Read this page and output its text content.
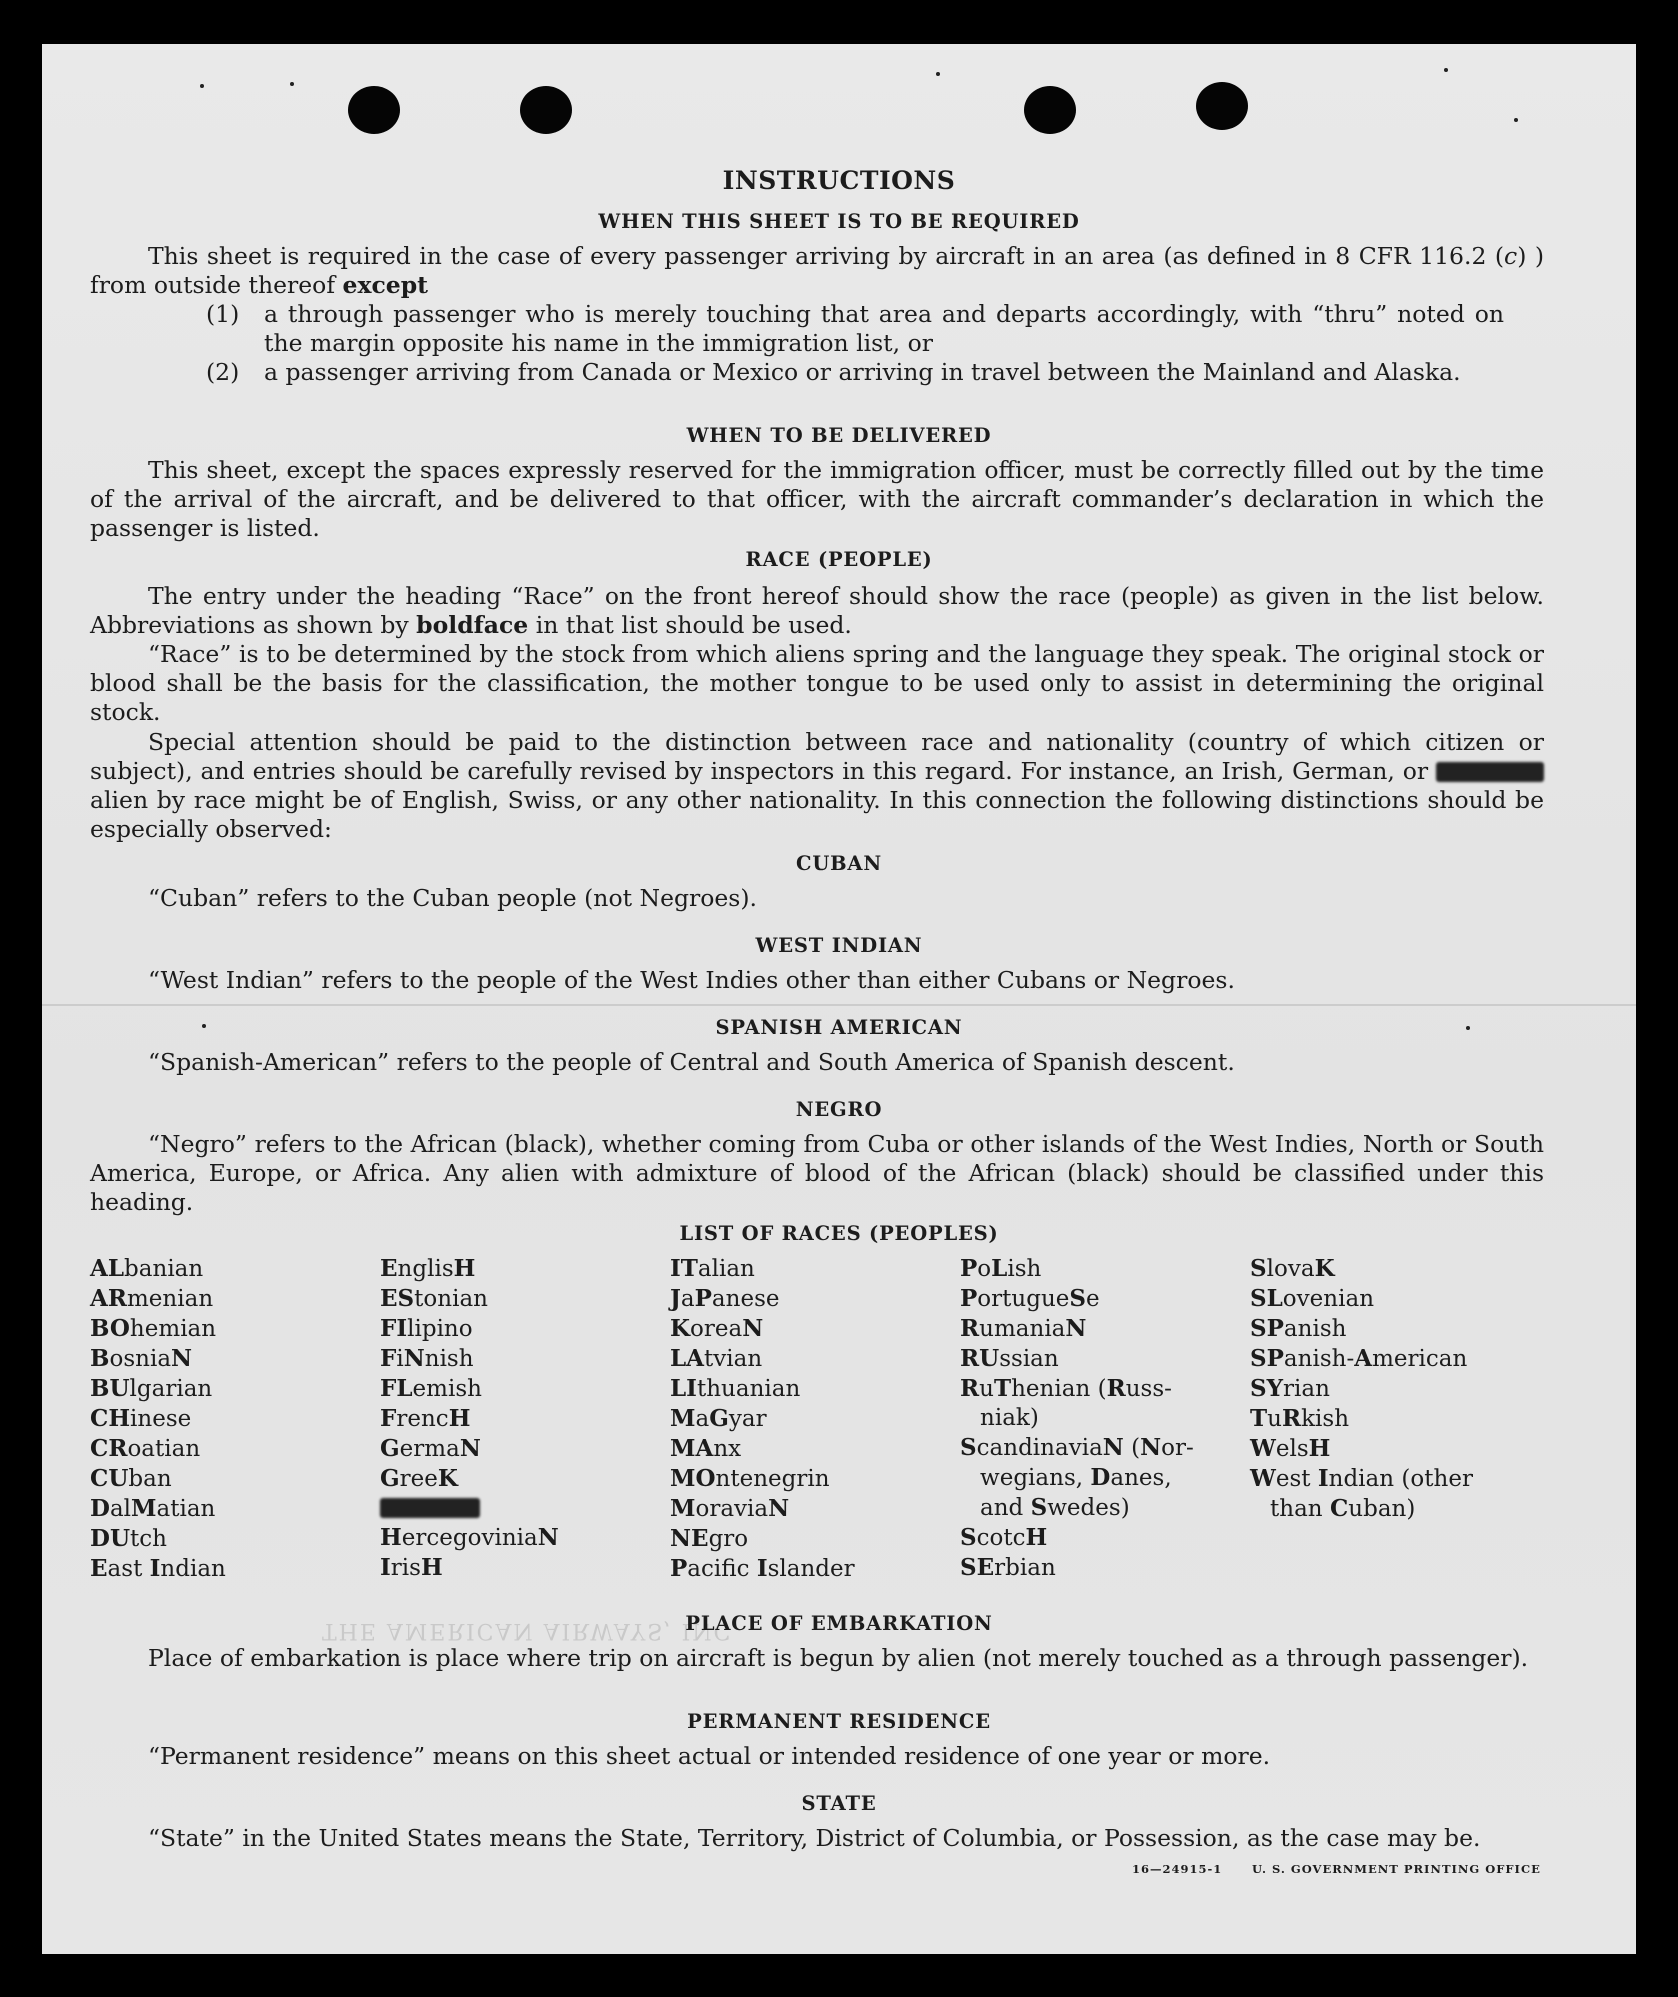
INSTRUCTIONS
WHEN THIS SHEET IS TO BE REQUIRED
This sheet is required in the case of every passenger arriving by aircraft in an area (as defined in 8 CFR 116.2 (c) ) from outside thereof except
(1) a through passenger who is merely touching that area and departs accordingly, with “thru” noted on the margin opposite his name in the immigration list, or
(2) a passenger arriving from Canada or Mexico or arriving in travel between the Mainland and Alaska.
WHEN TO BE DELIVERED
This sheet, except the spaces expressly reserved for the immigration officer, must be correctly filled out by the time of the arrival of the aircraft, and be delivered to that officer, with the aircraft commander’s declaration in which the passenger is listed.
RACE (PEOPLE)
The entry under the heading “Race” on the front hereof should show the race (people) as given in the list below. Abbreviations as shown by boldface in that list should be used.
“Race” is to be determined by the stock from which aliens spring and the language they speak. The original stock or blood shall be the basis for the classification, the mother tongue to be used only to assist in determining the original stock.
Special attention should be paid to the distinction between race and nationality (country of which citizen or subject), and entries should be carefully revised by inspectors in this regard. For instance, an Irish, German, or  alien by race might be of English, Swiss, or any other nationality. In this connection the following distinctions should be especially observed:
CUBAN
“Cuban” refers to the Cuban people (not Negroes).
WEST INDIAN
“West Indian” refers to the people of the West Indies other than either Cubans or Negroes.
SPANISH AMERICAN
“Spanish-American” refers to the people of Central and South America of Spanish descent.
NEGRO
“Negro” refers to the African (black), whether coming from Cuba or other islands of the West Indies, North or South America, Europe, or Africa. Any alien with admixture of blood of the African (black) should be classified under this heading.
LIST OF RACES (PEOPLES)
ALbanian
ARmenian
BOhemian
BosniaN
BUlgarian
CHinese
CRoatian
CUban
DalMatian
DUtch
East Indian
EnglisH
EStonian
FIlipino
FiNnish
FLemish
FrencH
GermaN
GreeK
HercegoviniaN
IrisH
ITalian
JaPanese
KoreaN
LAtvian
LIthuanian
MaGyar
MAnx
MOntenegrin
MoraviaN
NEgro
Pacifc Islander
PoLish
PortugueSe
RumaniaN
RUssian
RuThenian (Russ-
niak)
ScandinaviaN (Nor-
wegians, Danes,
and Swedes)
ScotcH
SErbian
SlovaK
SLovenian
SPanish
SPanish-American
SYrian
TuRkish
WelsH
West Indian (other
than Cuban)
THE AMERICAN AIRWAYS, INC.
PLACE OF EMBARKATION
Place of embarkation is place where trip on aircraft is begun by alien (not merely touched as a through passenger).
PERMANENT RESIDENCE
“Permanent residence” means on this sheet actual or intended residence of one year or more.
STATE
“State” in the United States means the State, Territory, District of Columbia, or Possession, as the case may be.
16—24915-1	U. S. GOVERNMENT PRINTING OFFICE
